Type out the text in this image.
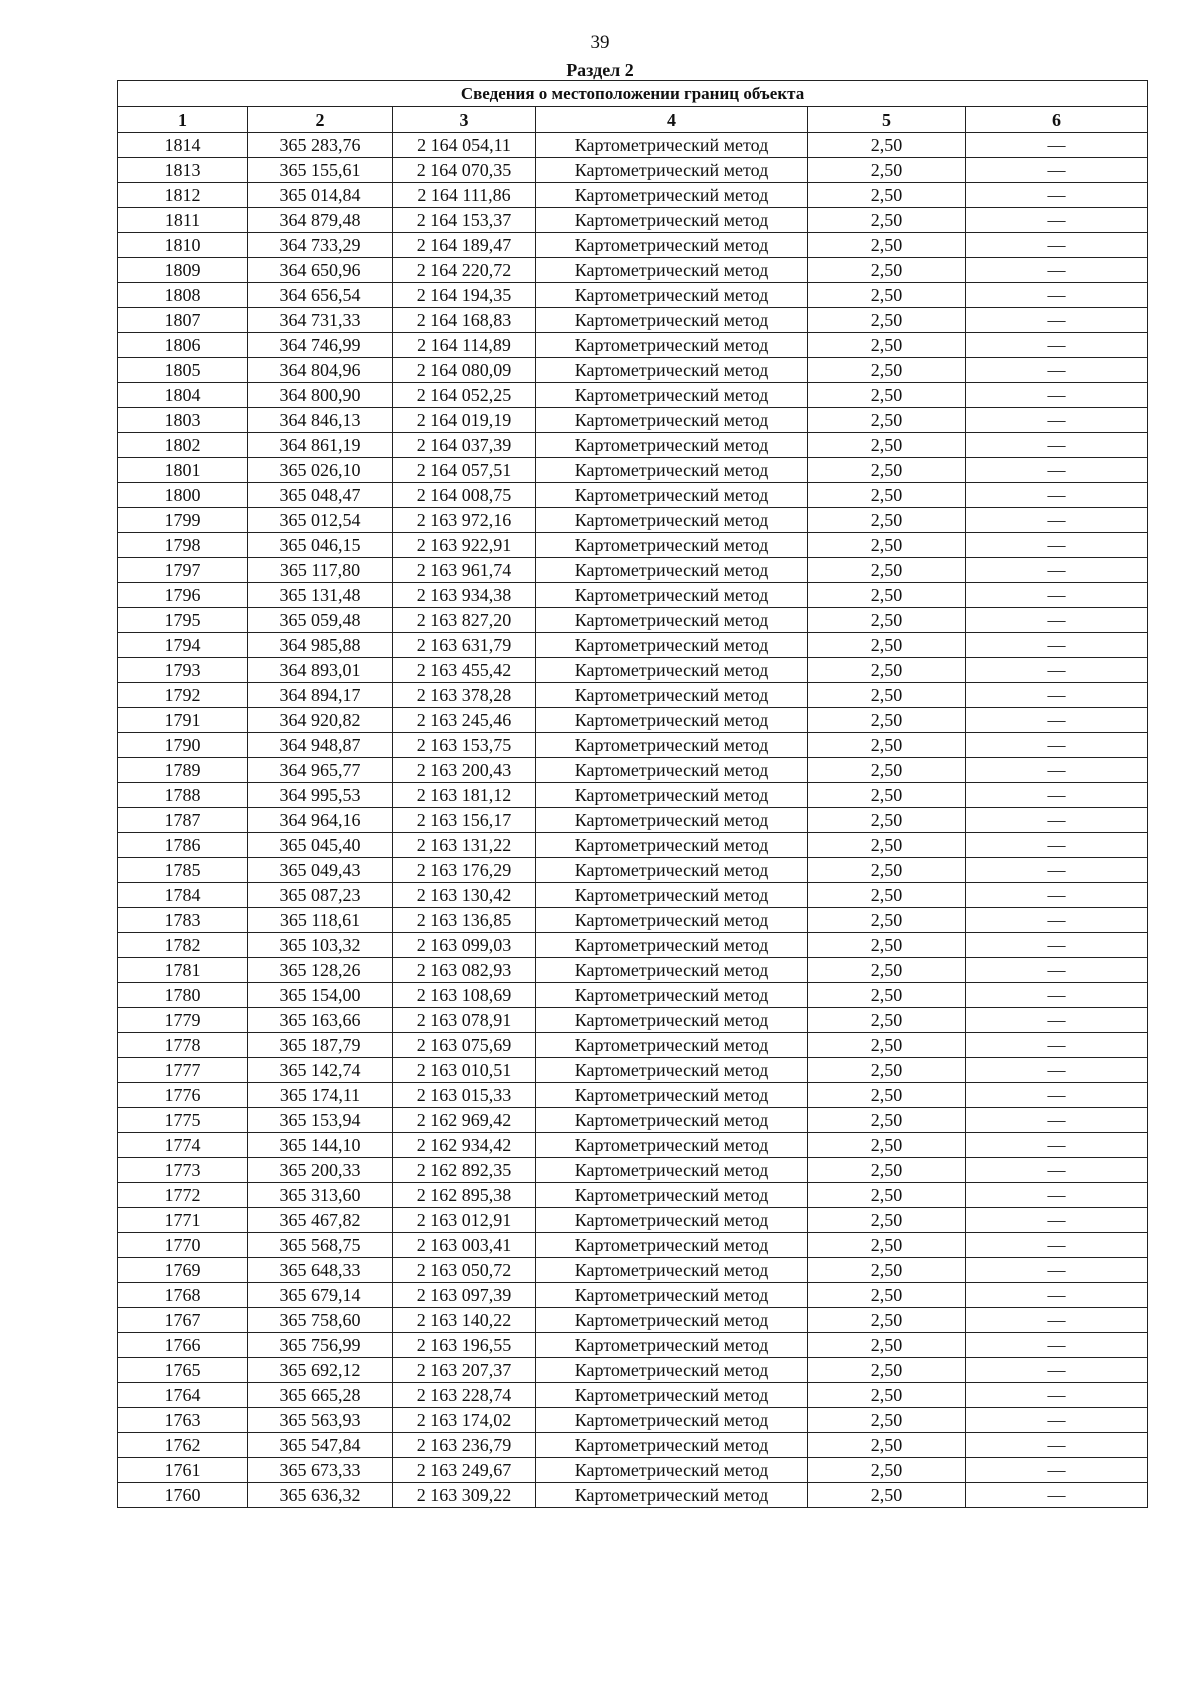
39
Раздел 2
Сведения о местоположении границ объекта					
1	2	3	4	5	6
1814	365 283,76	2 164 054,11	Картометрический метод	2,50	—
1813	365 155,61	2 164 070,35	Картометрический метод	2,50	—
1812	365 014,84	2 164 111,86	Картометрический метод	2,50	—
1811	364 879,48	2 164 153,37	Картометрический метод	2,50	—
1810	364 733,29	2 164 189,47	Картометрический метод	2,50	—
1809	364 650,96	2 164 220,72	Картометрический метод	2,50	—
1808	364 656,54	2 164 194,35	Картометрический метод	2,50	—
1807	364 731,33	2 164 168,83	Картометрический метод	2,50	—
1806	364 746,99	2 164 114,89	Картометрический метод	2,50	—
1805	364 804,96	2 164 080,09	Картометрический метод	2,50	—
1804	364 800,90	2 164 052,25	Картометрический метод	2,50	—
1803	364 846,13	2 164 019,19	Картометрический метод	2,50	—
1802	364 861,19	2 164 037,39	Картометрический метод	2,50	—
1801	365 026,10	2 164 057,51	Картометрический метод	2,50	—
1800	365 048,47	2 164 008,75	Картометрический метод	2,50	—
1799	365 012,54	2 163 972,16	Картометрический метод	2,50	—
1798	365 046,15	2 163 922,91	Картометрический метод	2,50	—
1797	365 117,80	2 163 961,74	Картометрический метод	2,50	—
1796	365 131,48	2 163 934,38	Картометрический метод	2,50	—
1795	365 059,48	2 163 827,20	Картометрический метод	2,50	—
1794	364 985,88	2 163 631,79	Картометрический метод	2,50	—
1793	364 893,01	2 163 455,42	Картометрический метод	2,50	—
1792	364 894,17	2 163 378,28	Картометрический метод	2,50	—
1791	364 920,82	2 163 245,46	Картометрический метод	2,50	—
1790	364 948,87	2 163 153,75	Картометрический метод	2,50	—
1789	364 965,77	2 163 200,43	Картометрический метод	2,50	—
1788	364 995,53	2 163 181,12	Картометрический метод	2,50	—
1787	364 964,16	2 163 156,17	Картометрический метод	2,50	—
1786	365 045,40	2 163 131,22	Картометрический метод	2,50	—
1785	365 049,43	2 163 176,29	Картометрический метод	2,50	—
1784	365 087,23	2 163 130,42	Картометрический метод	2,50	—
1783	365 118,61	2 163 136,85	Картометрический метод	2,50	—
1782	365 103,32	2 163 099,03	Картометрический метод	2,50	—
1781	365 128,26	2 163 082,93	Картометрический метод	2,50	—
1780	365 154,00	2 163 108,69	Картометрический метод	2,50	—
1779	365 163,66	2 163 078,91	Картометрический метод	2,50	—
1778	365 187,79	2 163 075,69	Картометрический метод	2,50	—
1777	365 142,74	2 163 010,51	Картометрический метод	2,50	—
1776	365 174,11	2 163 015,33	Картометрический метод	2,50	—
1775	365 153,94	2 162 969,42	Картометрический метод	2,50	—
1774	365 144,10	2 162 934,42	Картометрический метод	2,50	—
1773	365 200,33	2 162 892,35	Картометрический метод	2,50	—
1772	365 313,60	2 162 895,38	Картометрический метод	2,50	—
1771	365 467,82	2 163 012,91	Картометрический метод	2,50	—
1770	365 568,75	2 163 003,41	Картометрический метод	2,50	—
1769	365 648,33	2 163 050,72	Картометрический метод	2,50	—
1768	365 679,14	2 163 097,39	Картометрический метод	2,50	—
1767	365 758,60	2 163 140,22	Картометрический метод	2,50	—
1766	365 756,99	2 163 196,55	Картометрический метод	2,50	—
1765	365 692,12	2 163 207,37	Картометрический метод	2,50	—
1764	365 665,28	2 163 228,74	Картометрический метод	2,50	—
1763	365 563,93	2 163 174,02	Картометрический метод	2,50	—
1762	365 547,84	2 163 236,79	Картометрический метод	2,50	—
1761	365 673,33	2 163 249,67	Картометрический метод	2,50	—
1760	365 636,32	2 163 309,22	Картометрический метод	2,50	—
